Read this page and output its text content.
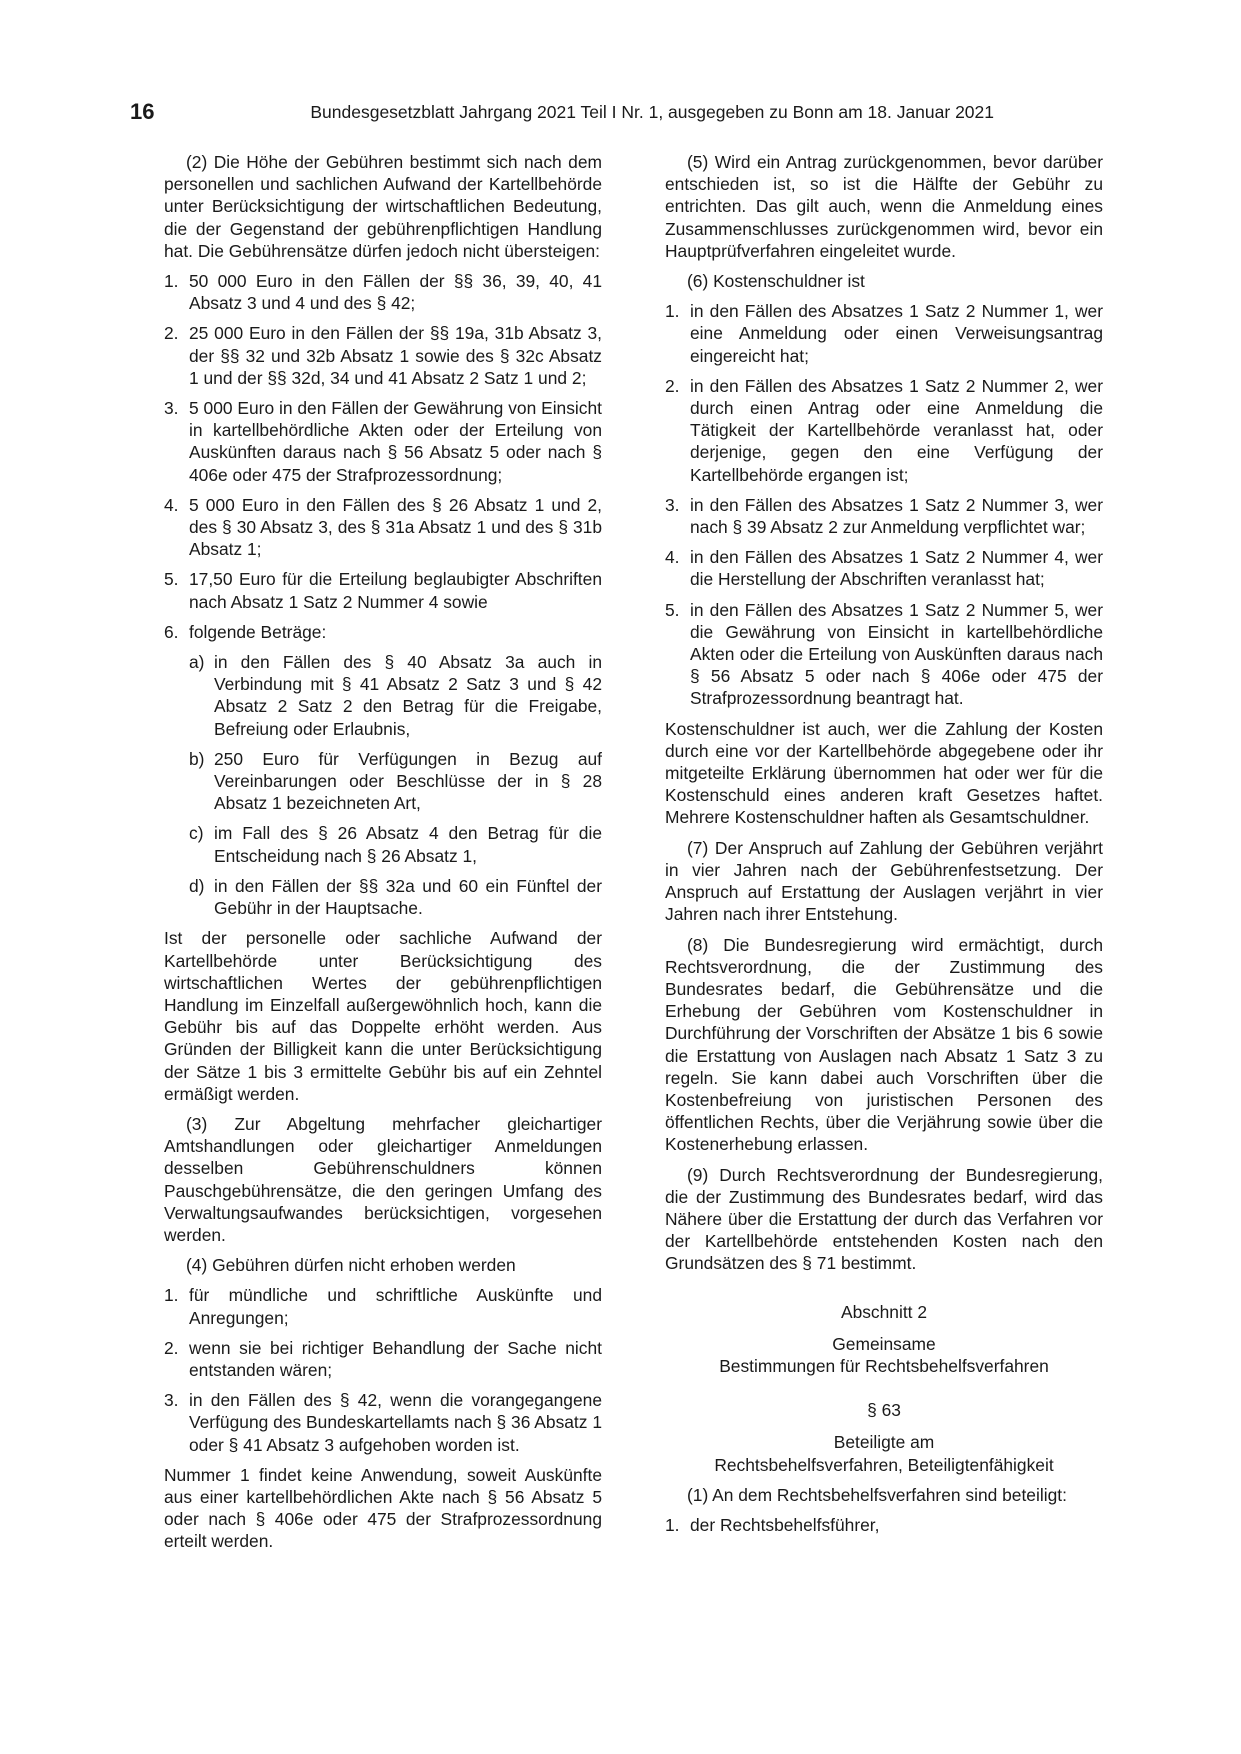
16	Bundesgesetzblatt Jahrgang 2021 Teil I Nr. 1, ausgegeben zu Bonn am 18. Januar 2021

(2) Die Höhe der Gebühren bestimmt sich nach dem personellen und sachlichen Aufwand der Kartellbehörde unter Berücksichtigung der wirtschaftlichen Bedeutung, die der Gegenstand der gebührenpflichtigen Handlung hat. Die Gebührensätze dürfen jedoch nicht übersteigen:

1. 50 000 Euro in den Fällen der §§ 36, 39, 40, 41 Absatz 3 und 4 und des § 42;
2. 25 000 Euro in den Fällen der §§ 19a, 31b Absatz 3, der §§ 32 und 32b Absatz 1 sowie des § 32c Absatz 1 und der §§ 32d, 34 und 41 Absatz 2 Satz 1 und 2;
3. 5 000 Euro in den Fällen der Gewährung von Einsicht in kartellbehördliche Akten oder der Erteilung von Auskünften daraus nach § 56 Absatz 5 oder nach § 406e oder 475 der Strafprozessordnung;
4. 5 000 Euro in den Fällen des § 26 Absatz 1 und 2, des § 30 Absatz 3, des § 31a Absatz 1 und des § 31b Absatz 1;
5. 17,50 Euro für die Erteilung beglaubigter Abschriften nach Absatz 1 Satz 2 Nummer 4 sowie
6. folgende Beträge:
a) in den Fällen des § 40 Absatz 3a auch in Verbindung mit § 41 Absatz 2 Satz 3 und § 42 Absatz 2 Satz 2 den Betrag für die Freigabe, Befreiung oder Erlaubnis,
b) 250 Euro für Verfügungen in Bezug auf Vereinbarungen oder Beschlüsse der in § 28 Absatz 1 bezeichneten Art,
c) im Fall des § 26 Absatz 4 den Betrag für die Entscheidung nach § 26 Absatz 1,
d) in den Fällen der §§ 32a und 60 ein Fünftel der Gebühr in der Hauptsache.

Ist der personelle oder sachliche Aufwand der Kartellbehörde unter Berücksichtigung des wirtschaftlichen Wertes der gebührenpflichtigen Handlung im Einzelfall außergewöhnlich hoch, kann die Gebühr bis auf das Doppelte erhöht werden. Aus Gründen der Billigkeit kann die unter Berücksichtigung der Sätze 1 bis 3 ermittelte Gebühr bis auf ein Zehntel ermäßigt werden.

(3) Zur Abgeltung mehrfacher gleichartiger Amtshandlungen oder gleichartiger Anmeldungen desselben Gebührenschuldners können Pauschgebührensätze, die den geringen Umfang des Verwaltungsaufwandes berücksichtigen, vorgesehen werden.

(4) Gebühren dürfen nicht erhoben werden

1. für mündliche und schriftliche Auskünfte und Anregungen;
2. wenn sie bei richtiger Behandlung der Sache nicht entstanden wären;
3. in den Fällen des § 42, wenn die vorangegangene Verfügung des Bundeskartellamts nach § 36 Absatz 1 oder § 41 Absatz 3 aufgehoben worden ist.

Nummer 1 findet keine Anwendung, soweit Auskünfte aus einer kartellbehördlichen Akte nach § 56 Absatz 5 oder nach § 406e oder 475 der Strafprozessordnung erteilt werden.

(5) Wird ein Antrag zurückgenommen, bevor darüber entschieden ist, so ist die Hälfte der Gebühr zu entrichten. Das gilt auch, wenn die Anmeldung eines Zusammenschlusses zurückgenommen wird, bevor ein Hauptprüfverfahren eingeleitet wurde.

(6) Kostenschuldner ist

1. in den Fällen des Absatzes 1 Satz 2 Nummer 1, wer eine Anmeldung oder einen Verweisungsantrag eingereicht hat;
2. in den Fällen des Absatzes 1 Satz 2 Nummer 2, wer durch einen Antrag oder eine Anmeldung die Tätigkeit der Kartellbehörde veranlasst hat, oder derjenige, gegen den eine Verfügung der Kartellbehörde ergangen ist;
3. in den Fällen des Absatzes 1 Satz 2 Nummer 3, wer nach § 39 Absatz 2 zur Anmeldung verpflichtet war;
4. in den Fällen des Absatzes 1 Satz 2 Nummer 4, wer die Herstellung der Abschriften veranlasst hat;
5. in den Fällen des Absatzes 1 Satz 2 Nummer 5, wer die Gewährung von Einsicht in kartellbehördliche Akten oder die Erteilung von Auskünften daraus nach § 56 Absatz 5 oder nach § 406e oder 475 der Strafprozessordnung beantragt hat.

Kostenschuldner ist auch, wer die Zahlung der Kosten durch eine vor der Kartellbehörde abgegebene oder ihr mitgeteilte Erklärung übernommen hat oder wer für die Kostenschuld eines anderen kraft Gesetzes haftet. Mehrere Kostenschuldner haften als Gesamtschuldner.

(7) Der Anspruch auf Zahlung der Gebühren verjährt in vier Jahren nach der Gebührenfestsetzung. Der Anspruch auf Erstattung der Auslagen verjährt in vier Jahren nach ihrer Entstehung.

(8) Die Bundesregierung wird ermächtigt, durch Rechtsverordnung, die der Zustimmung des Bundesrates bedarf, die Gebührensätze und die Erhebung der Gebühren vom Kostenschuldner in Durchführung der Vorschriften der Absätze 1 bis 6 sowie die Erstattung von Auslagen nach Absatz 1 Satz 3 zu regeln. Sie kann dabei auch Vorschriften über die Kostenbefreiung von juristischen Personen des öffentlichen Rechts, über die Verjährung sowie über die Kostenerhebung erlassen.

(9) Durch Rechtsverordnung der Bundesregierung, die der Zustimmung des Bundesrates bedarf, wird das Nähere über die Erstattung der durch das Verfahren vor der Kartellbehörde entstehenden Kosten nach den Grundsätzen des § 71 bestimmt.

Abschnitt 2

Gemeinsame

Bestimmungen für Rechtsbehelfsverfahren

§ 63

Beteiligte am

Rechtsbehelfsverfahren, Beteiligtenfähigkeit

(1) An dem Rechtsbehelfsverfahren sind beteiligt:

1. der Rechtsbehelfsführer,
